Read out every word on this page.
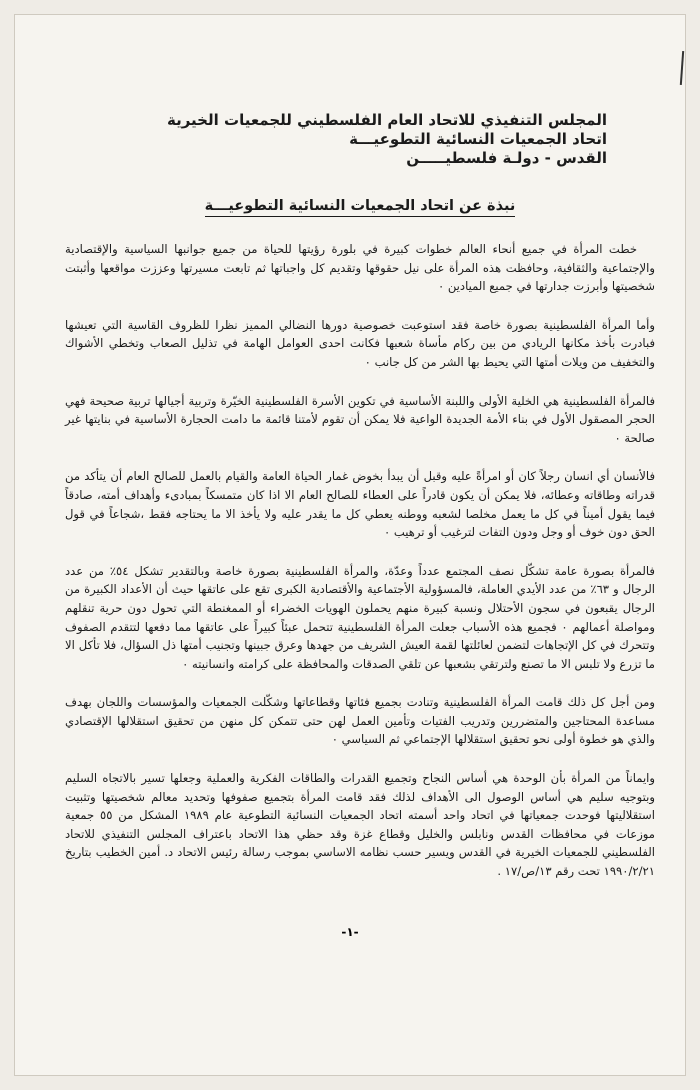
المجلس التنفيذي للاتحاد العام الفلسطيني للجمعيات الخيرية
اتحاد الجمعيات النسائية التطوعيـــة
القدس - دولـة فلسطيـــــن
نبذة عن اتحاد الجمعيات النسائية التطوعيـــة

خطت المرأة في جميع أنحاء العالم خطوات كبيرة في بلورة رؤيتها للحياة من جميع جوانبها السياسية والإقتصادية والإجتماعية والثقافية، وحافظت هذه المرأة على نيل حقوقها وتقديم كل واجباتها ثم تابعت مسيرتها وعززت مواقعها وأثبتت شخصيتها وأبرزت جدارتها في جميع الميادين ٠

وأما المرأة الفلسطينية بصورة خاصة فقد استوعبت خصوصية دورها النضالي المميز نظرا للظروف القاسية التي تعيشها فبادرت بأخذ مكانها الريادي من بين ركام مأساة شعبها فكانت احدى العوامل الهامة في تذليل الصعاب وتخطي الأشواك والتخفيف من ويلات أمتها التي يحيط بها الشر من كل جانب ٠

فالمرأة الفلسطينية هي الخلية الأولى واللبنة الأساسية في تكوين الأسرة الفلسطينية الخيّرة وتربية أجيالها تربية صحيحة فهي الحجر المصقول الأول في بناء الأمة الجديدة الواعية فلا يمكن أن تقوم لأمتنا قائمة ما دامت الحجارة الأساسية في بنايتها غير صالحة ٠

فالأنسان أي انسان رجلاً كان أو امرأةً عليه وقبل أن يبدأ بخوض غمار الحياة العامة والقيام بالعمل للصالح العام أن يتأكد من قدراته وطاقاته وعطائه، فلا يمكن أن يكون قادراً على العطاء للصالح العام الا اذا كان متمسكاً بمبادىء وأهداف أمته، صادقاً فيما يقول أميناً في كل ما يعمل مخلصا لشعبه ووطنه يعطي كل ما يقدر عليه ولا يأخذ الا ما يحتاجه فقط ،شجاعاً في قول الحق دون خوف أو وجل ودون التفات لترغيب أو ترهيب ٠

فالمرأة بصورة عامة تشكّل نصف المجتمع عدداً وعدّة، والمرأة الفلسطينية بصورة خاصة وبالتقدير تشكل ٥٤٪ من عدد الرجال و ٦٣٪ من عدد الأيدي العاملة، فالمسؤولية الأجتماعية والأقتصادية الكبرى تقع على عاتقها حيث أن الأعداد الكبيرة من الرجال يقبعون في سجون الأحتلال ونسبة كبيرة منهم يحملون الهويات الخضراء أو الممغنطة التي تحول دون حرية تنقلهم ومواصلة أعمالهم ٠ فجميع هذه الأسباب جعلت المرأة الفلسطينية تتحمل عبئاً كبيراً على عاتقها مما دفعها لتتقدم الصفوف وتتحرك في كل الإتجاهات لتضمن لعائلتها لقمة العيش الشريف من جهدها وعرق جبينها وتجنيب أمتها ذل السؤال، فلا تأكل الا ما تزرع ولا تلبس الا ما تصنع ولترتقي بشعبها عن تلقي الصدقات والمحافظة على كرامته وانسانيته ٠

ومن أجل كل ذلك قامت المرأة الفلسطينية وتنادت بجميع فئاتها وقطاعاتها وشكّلت الجمعيات والمؤسسات واللجان بهدف مساعدة المحتاجين والمتضررين وتدريب الفتيات وتأمين العمل لهن حتى تتمكن كل منهن من تحقيق استقلالها الإقتصادي والذي هو خطوة أولى نحو تحقيق استقلالها الإجتماعي ثم السياسي ٠

وايماناً من المرأة بأن الوحدة هي أساس النجاح وتجميع القدرات والطاقات الفكرية والعملية وجعلها تسير بالاتجاه السليم وبتوجيه سليم هي أساس الوصول الى الأهداف لذلك فقد قامت المرأة بتجميع صفوفها وتحديد معالم شخصيتها وتثبيت استقلاليتها فوحدت جمعياتها في اتحاد واحد أسمته اتحاد الجمعيات النسائية التطوعية عام ١٩٨٩ المشكل من ٥٥ جمعية موزعات في محافظات القدس ونابلس والخليل وقطاع غزة وقد حظي هذا الاتحاد باعتراف المجلس التنفيذي للاتحاد الفلسطيني للجمعيات الخيرية في القدس ويسير حسب نظامه الاساسي بموجب رسالة رئيس الاتحاد د. أمين الخطيب بتاريخ ١٩٩٠/٢/٢١ تحت رقم ١٣/ص/١٧ .

-١-
